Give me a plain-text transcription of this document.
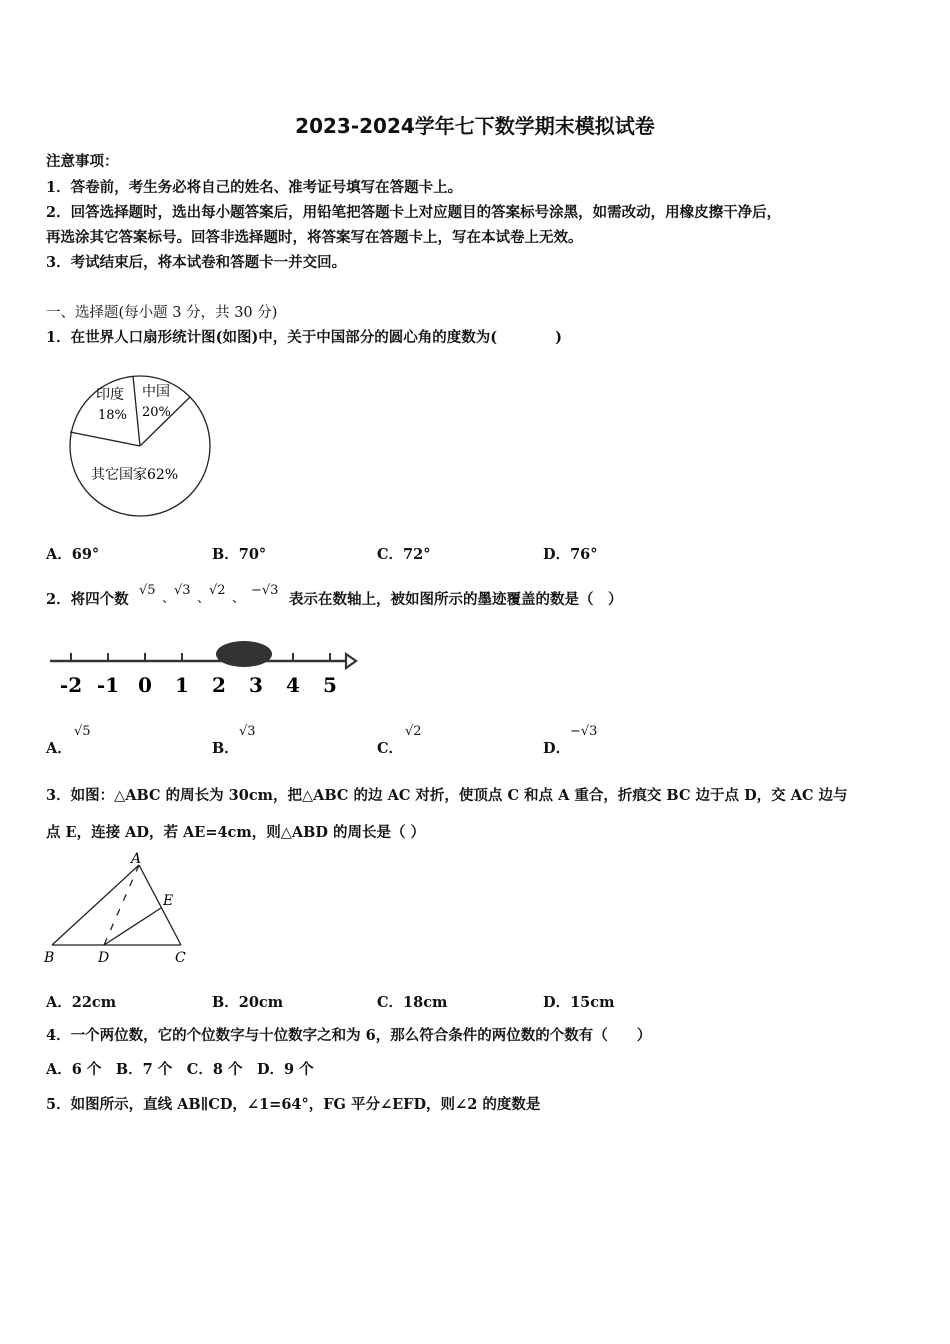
2023-2024学年七下数学期末模拟试卷
注意事项：
1．答卷前，考生务必将自己的姓名、准考证号填写在答题卡上。
2．回答选择题时，选出每小题答案后，用铅笔把答题卡上对应题目的答案标号涂黑，如需改动，用橡皮擦干净后，
再选涂其它答案标号。回答非选择题时，将答案写在答题卡上，写在本试卷上无效。
3．考试结束后，将本试卷和答题卡一并交回。
一、选择题(每小题 3 分，共 30 分)
1．在世界人口扇形统计图(如图)中，关于中国部分的圆心角的度数为(　　　　)
中国
20%
印度
18%
其它国家62%
A．69°	B．70°	C．72°	D．76°
2．将四个数
√5
、
√3
、
√2
、
−√3
表示在数轴上，被如图所示的墨迹覆盖的数是（　）
-2 -1 0 1 2 3 4 5
A．
√5
B．
√3
C．
√2
D．
−√3
3．如图：△ABC 的周长为 30cm，把△ABC 的边 AC 对折，使顶点 C 和点 A 重合，折痕交 BC 边于点 D，交 AC 边与
点 E，连接 AD，若 AE=4cm，则△ABD 的周长是（ ）
A
B	C
D
E
A．22cm	B．20cm	C．18cm	D．15cm
4．一个两位数，它的个位数字与十位数字之和为 6，那么符合条件的两位数的个数有（　　）
A．6 个　B．7 个　C．8 个　D．9 个
5．如图所示，直线 AB∥CD，∠1=64°，FG 平分∠EFD，则∠2 的度数是
